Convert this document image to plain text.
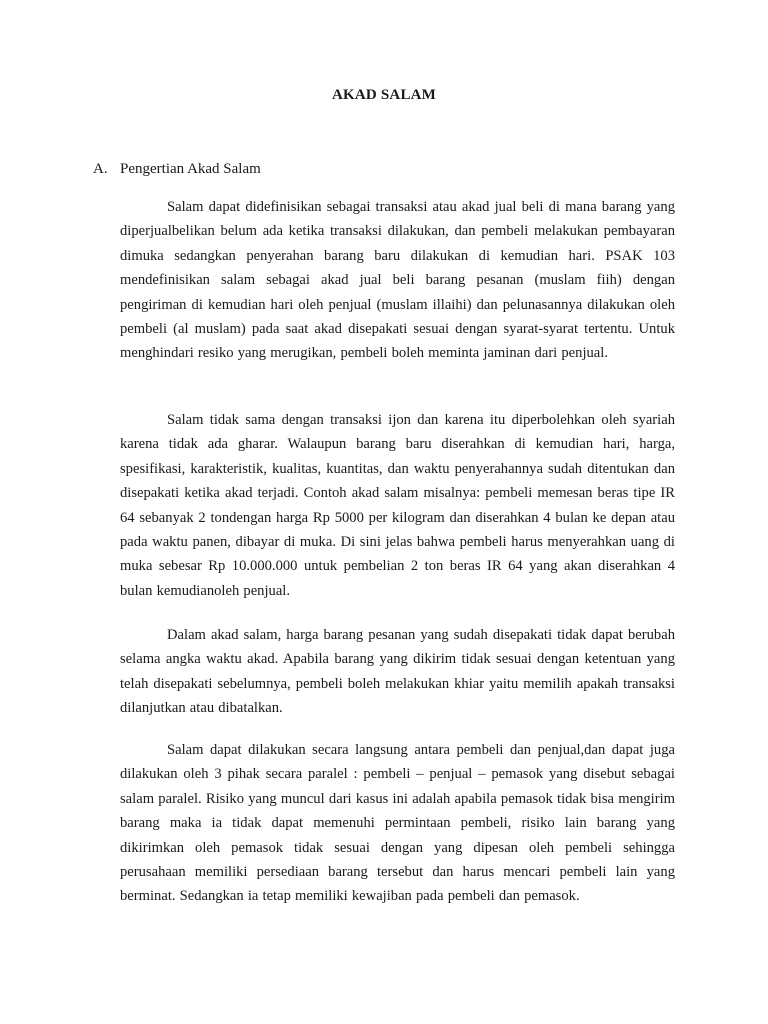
AKAD SALAM
A. Pengertian Akad Salam

Salam dapat didefinisikan sebagai transaksi atau akad jual beli di mana barang yang diperjualbelikan belum ada ketika transaksi dilakukan, dan pembeli melakukan pembayaran dimuka sedangkan penyerahan barang baru dilakukan di kemudian hari. PSAK 103 mendefinisikan salam sebagai akad jual beli barang pesanan (muslam fiih) dengan pengiriman di kemudian hari oleh penjual (muslam illaihi) dan pelunasannya dilakukan oleh pembeli (al muslam) pada saat akad disepakati sesuai dengan syarat-syarat tertentu. Untuk menghindari resiko yang merugikan, pembeli boleh meminta jaminan dari penjual.

Salam tidak sama dengan transaksi ijon dan karena itu diperbolehkan oleh syariah karena tidak ada gharar. Walaupun barang baru diserahkan di kemudian hari, harga, spesifikasi, karakteristik, kualitas, kuantitas, dan waktu penyerahannya sudah ditentukan dan disepakati ketika akad terjadi. Contoh akad salam misalnya: pembeli memesan beras tipe IR 64 sebanyak 2 tondengan harga Rp 5000 per kilogram dan diserahkan 4 bulan ke depan atau pada waktu panen, dibayar di muka. Di sini jelas bahwa pembeli harus menyerahkan uang di muka sebesar Rp 10.000.000 untuk pembelian 2 ton beras IR 64 yang akan diserahkan 4 bulan kemudianoleh penjual.

Dalam akad salam, harga barang pesanan yang sudah disepakati tidak dapat berubah selama angka waktu akad. Apabila barang yang dikirim tidak sesuai dengan ketentuan yang telah disepakati sebelumnya, pembeli boleh melakukan khiar yaitu memilih apakah transaksi dilanjutkan atau dibatalkan.

Salam dapat dilakukan secara langsung antara pembeli dan penjual,dan dapat juga dilakukan oleh 3 pihak secara paralel : pembeli – penjual – pemasok yang disebut sebagai salam paralel. Risiko yang muncul dari kasus ini adalah apabila pemasok tidak bisa mengirim barang maka ia tidak dapat memenuhi permintaan pembeli, risiko lain barang yang dikirimkan oleh pemasok tidak sesuai dengan yang dipesan oleh pembeli sehingga perusahaan memiliki persediaan barang tersebut dan harus mencari pembeli lain yang berminat. Sedangkan ia tetap memiliki kewajiban pada pembeli dan pemasok.
